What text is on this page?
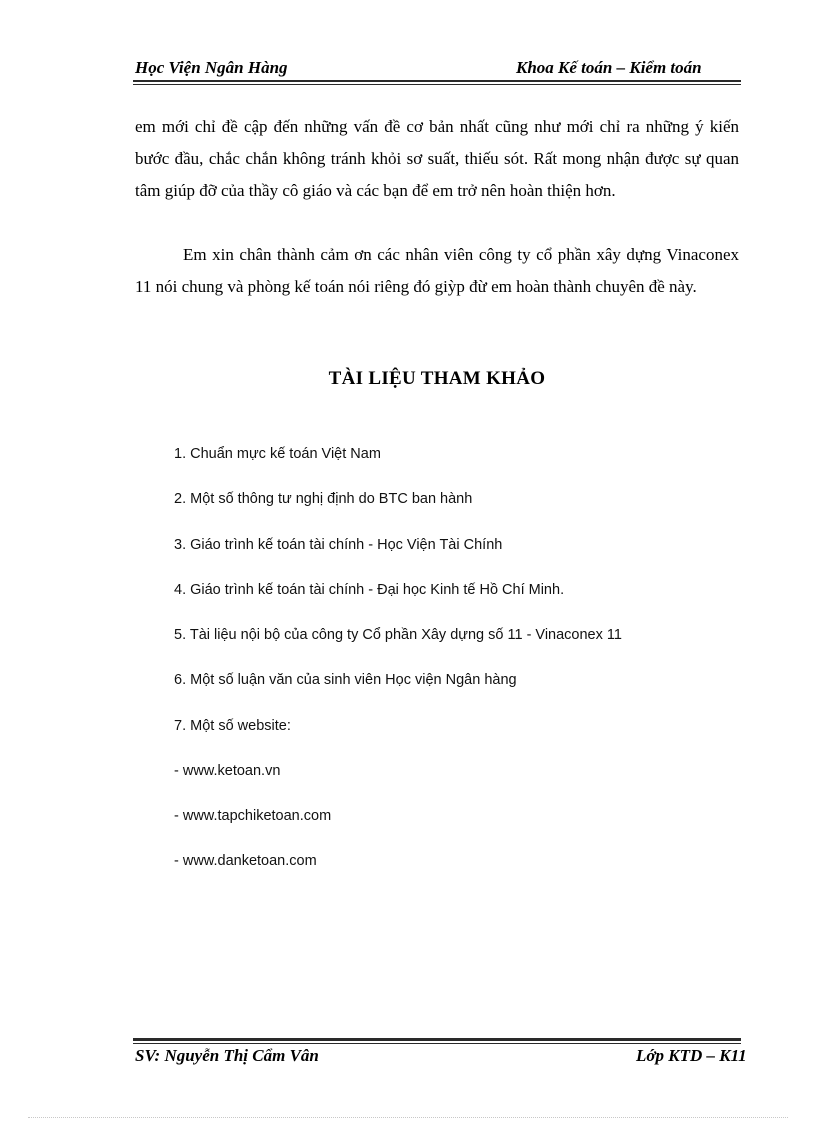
Học Viện Ngân Hàng	Khoa Kế toán – Kiểm toán
em mới chỉ đề cập đến những vấn đề cơ bản nhất cũng như mới chỉ ra những ý kiến bước đầu, chắc chắn không tránh khỏi sơ suất, thiếu sót. Rất mong nhận được sự quan tâm giúp đỡ của thầy cô giáo và các bạn để em trở nên hoàn thiện hơn.
Em xin chân thành cảm ơn các nhân viên công ty cổ phần xây dựng Vinaconex 11 nói chung và phòng kế toán nói riêng đó giỳp đừ em hoàn thành chuyên đề này.
TÀI LIỆU THAM KHẢO
1. Chuẩn mực kế toán Việt Nam
2. Một số thông tư nghị định do BTC ban hành
3. Giáo trình kế toán tài chính - Học Viện Tài Chính
4. Giáo trình kế toán tài chính - Đại học Kinh tế Hồ Chí Minh.
5. Tài liệu nội bộ của công ty Cổ phần Xây dựng số 11 - Vinaconex 11
6. Một số luận văn của sinh viên Học viện Ngân hàng
7. Một số website:
- www.ketoan.vn
- www.tapchiketoan.com
- www.danketoan.com
SV: Nguyễn Thị Cẩm Vân	Lớp KTD – K11
